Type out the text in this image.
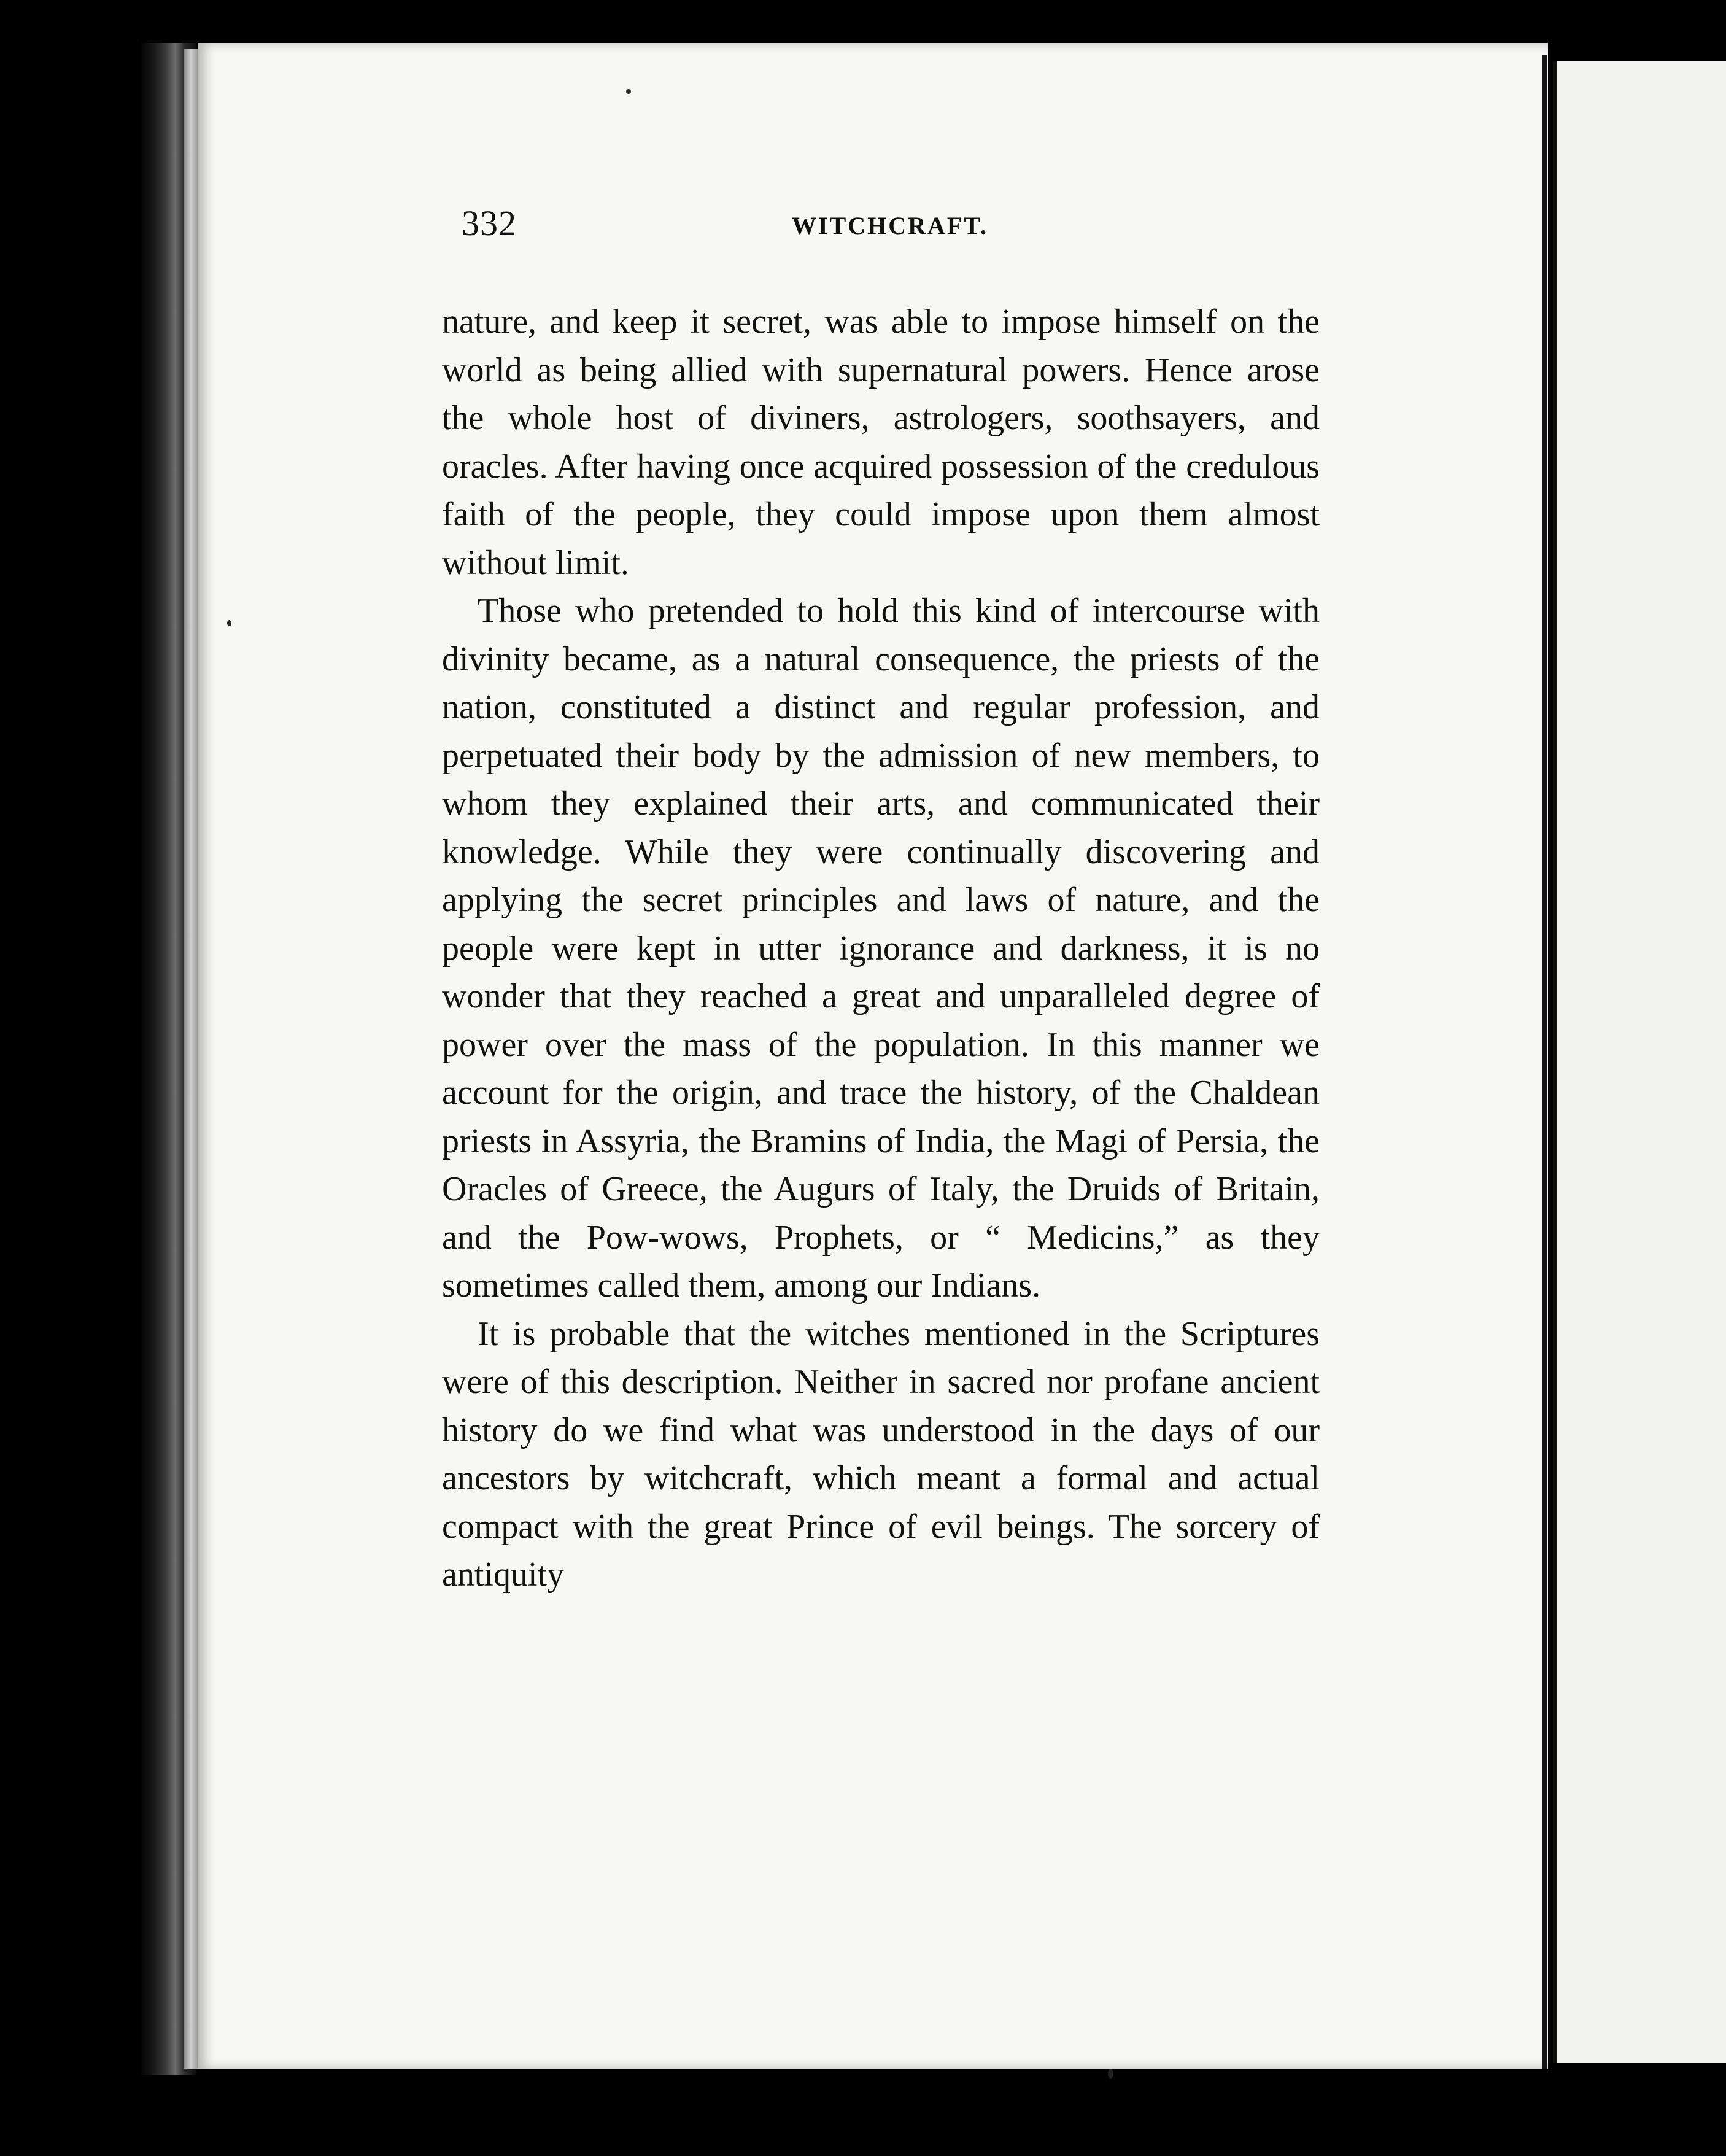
332	WITCHCRAFT.

nature, and keep it secret, was able to impose himself on the world as being allied with supernatural powers. Hence arose the whole host of diviners, astrologers, soothsayers, and oracles. After having once acquired possession of the credulous faith of the people, they could impose upon them almost without limit.

Those who pretended to hold this kind of intercourse with divinity became, as a natural consequence, the priests of the nation, constituted a distinct and regular profession, and perpetuated their body by the admission of new members, to whom they explained their arts, and communicated their knowledge. While they were continually discovering and applying the secret principles and laws of nature, and the people were kept in utter ignorance and darkness, it is no wonder that they reached a great and unparalleled degree of power over the mass of the population. In this manner we account for the origin, and trace the history, of the Chaldean priests in Assyria, the Bramins of India, the Magi of Persia, the Oracles of Greece, the Augurs of Italy, the Druids of Britain, and the Pow-wows, Prophets, or “ Medicins,” as they sometimes called them, among our Indians.

It is probable that the witches mentioned in the Scriptures were of this description. Neither in sacred nor profane ancient history do we find what was understood in the days of our ancestors by witchcraft, which meant a formal and actual compact with the great Prince of evil beings. The sorcery of antiquity
